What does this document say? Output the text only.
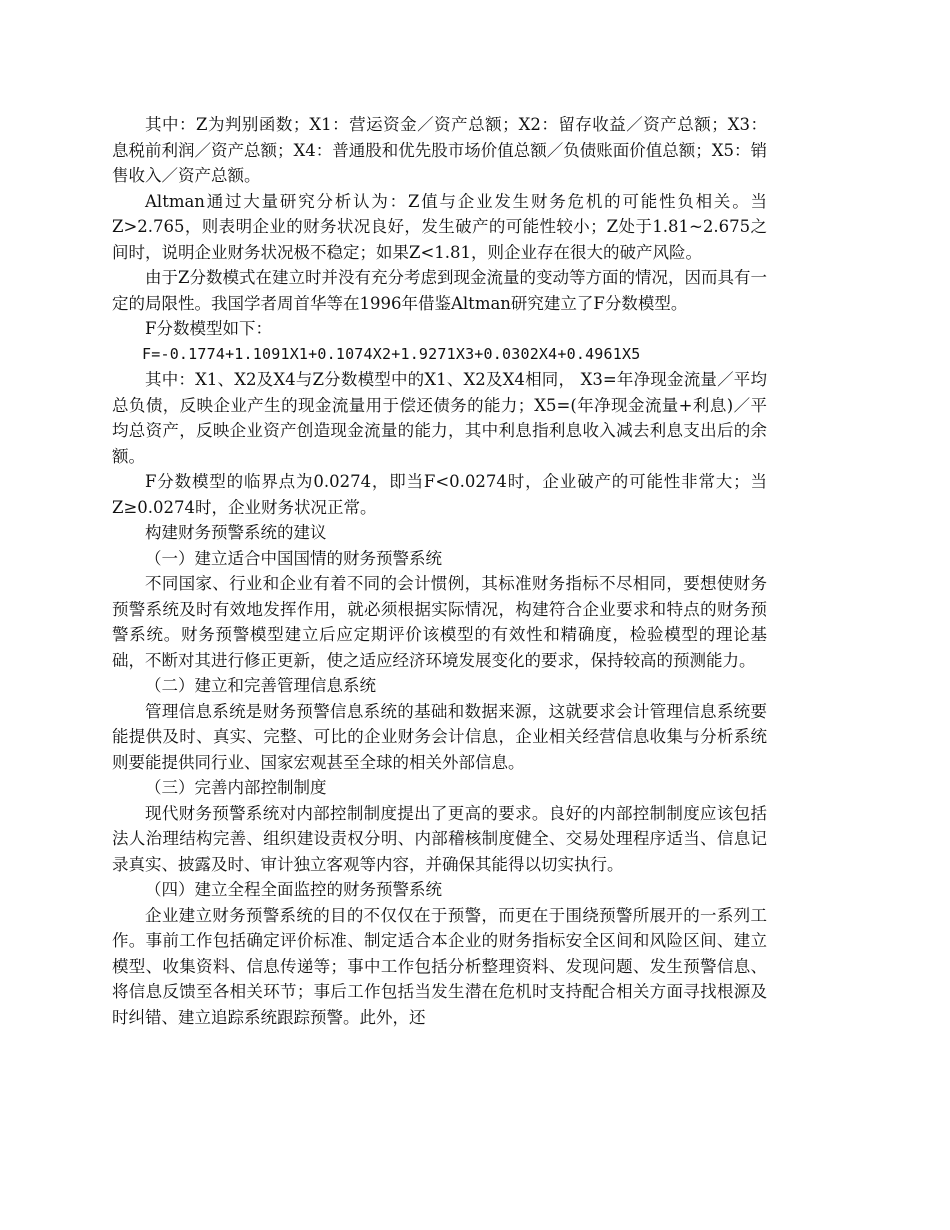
其中：Z为判别函数；X1：营运资金／资产总额；X2：留存收益／资产总额；X3：息税前利润／资产总额；X4：普通股和优先股市场价值总额／负债账面价值总额；X5：销售收入／资产总额。

Altman通过大量研究分析认为：Z值与企业发生财务危机的可能性负相关。当Z>2.765，则表明企业的财务状况良好，发生破产的可能性较小；Z处于1.81~2.675之间时，说明企业财务状况极不稳定；如果Z<1.81，则企业存在很大的破产风险。

由于Z分数模式在建立时并没有充分考虑到现金流量的变动等方面的情况，因而具有一定的局限性。我国学者周首华等在1996年借鉴Altman研究建立了F分数模型。

F分数模型如下：

F=-0.1774+1.1091X1+0.1074X2+1.9271X3+0.0302X4+0.4961X5

其中：X1、X2及X4与Z分数模型中的X1、X2及X4相同， X3=年净现金流量／平均总负债，反映企业产生的现金流量用于偿还债务的能力；X5=(年净现金流量+利息)／平均总资产，反映企业资产创造现金流量的能力，其中利息指利息收入减去利息支出后的余额。

F分数模型的临界点为0.0274，即当F<0.0274时，企业破产的可能性非常大；当Z≥0.0274时，企业财务状况正常。

构建财务预警系统的建议

（一）建立适合中国国情的财务预警系统

不同国家、行业和企业有着不同的会计惯例，其标准财务指标不尽相同，要想使财务预警系统及时有效地发挥作用，就必须根据实际情况，构建符合企业要求和特点的财务预警系统。财务预警模型建立后应定期评价该模型的有效性和精确度，检验模型的理论基础，不断对其进行修正更新，使之适应经济环境发展变化的要求，保持较高的预测能力。

（二）建立和完善管理信息系统

管理信息系统是财务预警信息系统的基础和数据来源，这就要求会计管理信息系统要能提供及时、真实、完整、可比的企业财务会计信息，企业相关经营信息收集与分析系统则要能提供同行业、国家宏观甚至全球的相关外部信息。

（三）完善内部控制制度

现代财务预警系统对内部控制制度提出了更高的要求。良好的内部控制制度应该包括法人治理结构完善、组织建设责权分明、内部稽核制度健全、交易处理程序适当、信息记录真实、披露及时、审计独立客观等内容，并确保其能得以切实执行。

（四）建立全程全面监控的财务预警系统

企业建立财务预警系统的目的不仅仅在于预警，而更在于围绕预警所展开的一系列工作。事前工作包括确定评价标准、制定适合本企业的财务指标安全区间和风险区间、建立模型、收集资料、信息传递等；事中工作包括分析整理资料、发现问题、发生预警信息、将信息反馈至各相关环节；事后工作包括当发生潜在危机时支持配合相关方面寻找根源及时纠错、建立追踪系统跟踪预警。此外，还
